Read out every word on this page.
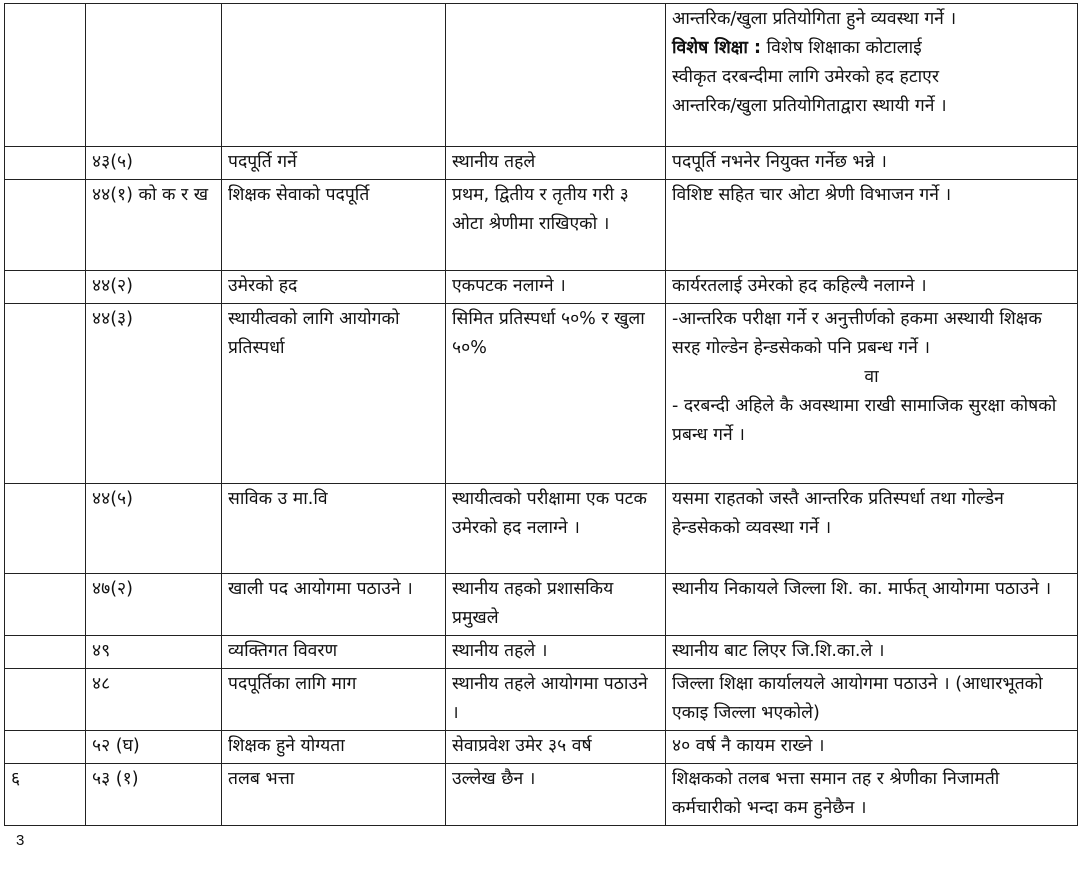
				आन्तरिक/खुला प्रतियोगिता हुने व्यवस्था गर्ने ।
विशेष शिक्षा : विशेष शिक्षाका कोटालाई
स्वीकृत दरबन्दीमा लागि उमेरको हद हटाएर
आन्तरिक/खुला प्रतियोगिताद्वारा स्थायी गर्ने ।

	४३(५)	पदपूर्ति गर्ने	स्थानीय तहले	पदपूर्ति नभनेर नियुक्त गर्नेछ भन्ने ।
	४४(१) को क र ख	शिक्षक सेवाको पदपूर्ति	प्रथम, द्वितीय र तृतीय गरी ३ ओटा श्रेणीमा राखिएको ।	विशिष्ट सहित चार ओटा श्रेणी विभाजन गर्ने ।
	४४(२)	उमेरको हद	एकपटक नलाग्ने ।	कार्यरतलाई उमेरको हद कहिल्यै नलाग्ने ।
	४४(३)	स्थायीत्वको लागि आयोगको प्रतिस्पर्धा	सिमित प्रतिस्पर्धा ५०% र खुला ५०%	-आन्तरिक परीक्षा गर्ने र अनुत्तीर्णको हकमा अस्थायी शिक्षक सरह गोल्डेन हेन्डसेकको पनि प्रबन्ध गर्ने ।
वा
- दरबन्दी अहिले कै अवस्थामा राखी सामाजिक सुरक्षा कोषको प्रबन्ध गर्ने ।

	४४(५)	साविक उ मा.वि	स्थायीत्वको परीक्षामा एक पटक उमेरको हद नलाग्ने ।	यसमा राहतको जस्तै आन्तरिक प्रतिस्पर्धा तथा गोल्डेन हेन्डसेकको व्यवस्था गर्ने ।
	४७(२)	खाली पद आयोगमा पठाउने ।	स्थानीय तहको प्रशासकिय प्रमुखले	स्थानीय निकायले जिल्ला शि. का. मार्फत् आयोगमा पठाउने ।
	४९	व्यक्तिगत विवरण	स्थानीय तहले ।	स्थानीय बाट लिएर जि.शि.का.ले ।
	४८	पदपूर्तिका लागि माग	स्थानीय तहले आयोगमा पठाउने ।	जिल्ला शिक्षा कार्यालयले आयोगमा पठाउने । (आधारभूतको एकाइ जिल्ला भएकोले)
	५२ (घ)	शिक्षक हुने योग्यता	सेवाप्रवेश उमेर ३५ वर्ष	४० वर्ष नै कायम राख्ने ।
६	५३ (१)	तलब भत्ता	उल्लेख छैन ।	शिक्षकको तलब भत्ता समान तह र श्रेणीका निजामती कर्मचारीको भन्दा कम हुनेछैन ।
3
